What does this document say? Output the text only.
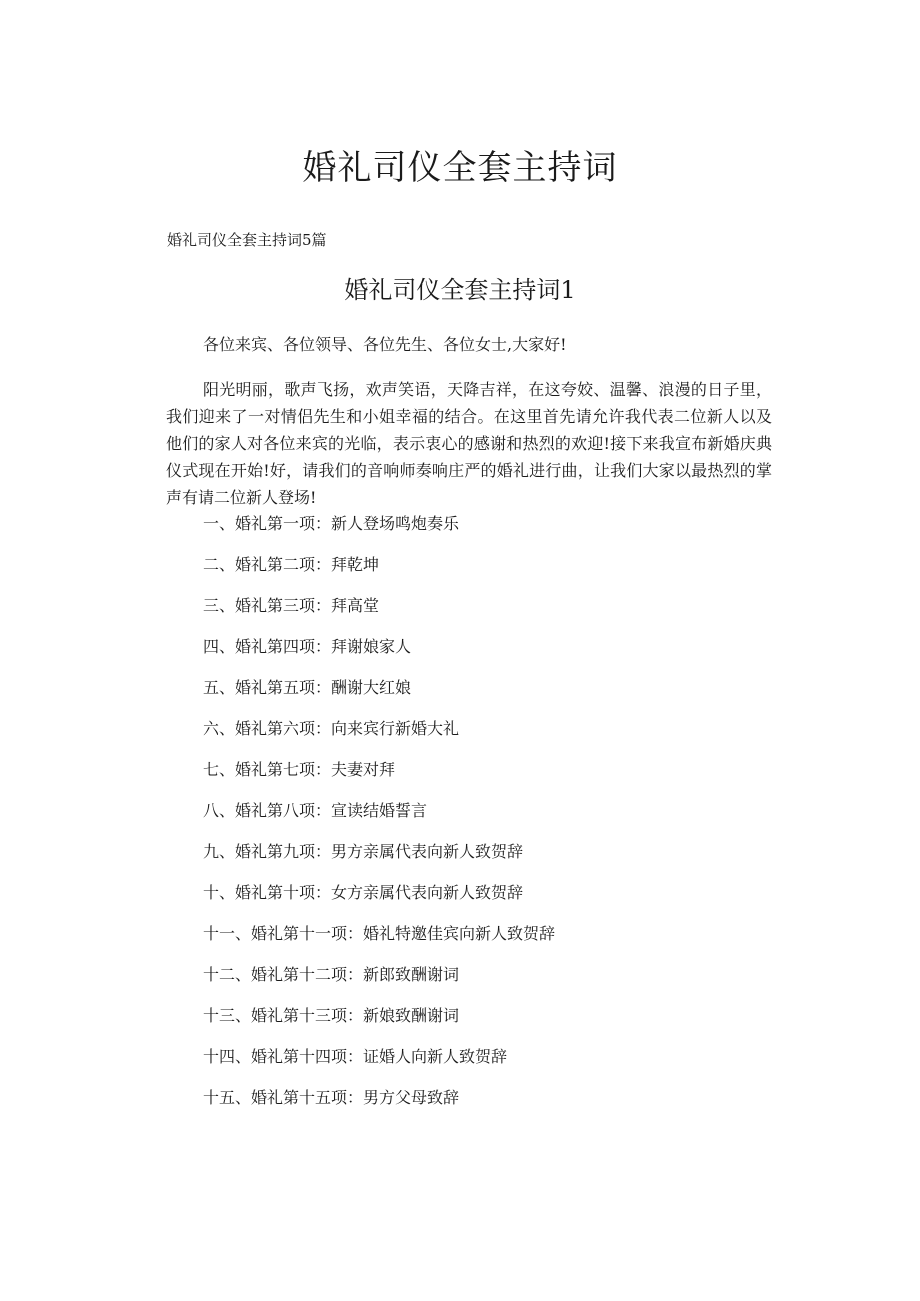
婚礼司仪全套主持词

婚礼司仪全套主持词5篇

婚礼司仪全套主持词1

各位来宾、各位领导、各位先生、各位女士,大家好!

阳光明丽，歌声飞扬，欢声笑语，天降吉祥，在这夸姣、温馨、浪漫的日子里，我们迎来了一对情侣先生和小姐幸福的结合。在这里首先请允许我代表二位新人以及他们的家人对各位来宾的光临，表示衷心的感谢和热烈的欢迎!接下来我宣布新婚庆典仪式现在开始!好，请我们的音响师奏响庄严的婚礼进行曲，让我们大家以最热烈的掌声有请二位新人登场!

一、婚礼第一项：新人登场鸣炮奏乐
二、婚礼第二项：拜乾坤
三、婚礼第三项：拜高堂
四、婚礼第四项：拜谢娘家人
五、婚礼第五项：酬谢大红娘
六、婚礼第六项：向来宾行新婚大礼
七、婚礼第七项：夫妻对拜
八、婚礼第八项：宣读结婚誓言
九、婚礼第九项：男方亲属代表向新人致贺辞
十、婚礼第十项：女方亲属代表向新人致贺辞
十一、婚礼第十一项：婚礼特邀佳宾向新人致贺辞
十二、婚礼第十二项：新郎致酬谢词
十三、婚礼第十三项：新娘致酬谢词
十四、婚礼第十四项：证婚人向新人致贺辞
十五、婚礼第十五项：男方父母致辞
